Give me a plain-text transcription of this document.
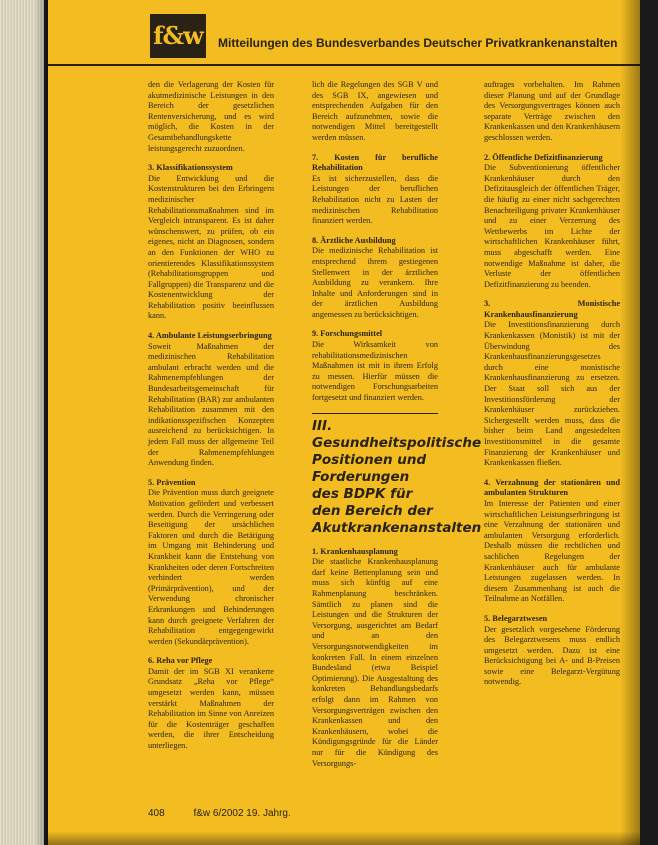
f&w Mitteilungen des Bundesverbandes Deutscher Privatkrankenanstalten

den die Verlagerung der Kosten für akutmedizinische Leistungen in den Bereich der gesetzlichen Rentenversicherung, und es wird möglich, die Kosten in der Gesamtbehandlungskette leistungsgerecht zuzuordnen.

3. Klassifikationssystem

Die Entwicklung und die Kostenstrukturen bei den Erbringern medizinischer Rehabilitationsmaßnahmen sind im Vergleich intransparent. Es ist daher wünschenswert, zu prüfen, ob ein eigenes, nicht an Diagnosen, sondern an den Funktionen der WHO zu orientierendes Klassifikationssystem (Rehabilitationsgruppen und Fallgruppen) die Transparenz und die Kostenentwicklung der Rehabilitation positiv beeinflussen kann.

4. Ambulante Leistungserbringung

Soweit Maßnahmen der medizinischen Rehabilitation ambulant erbracht werden und die Rahmenempfehlungen der Bundesarbeitsgemeinschaft für Rehabilitation (BAR) zur ambulanten Rehabilitation zusammen mit den indikationsspezifischen Konzepten ausreichend zu berücksichtigen. In jedem Fall muss der allgemeine Teil der Rahmenempfehlungen Anwendung finden.

5. Prävention

Die Prävention muss durch geeignete Motivation gefördert und verbessert werden. Durch die Verringerung oder Beseitigung der ursächlichen Faktoren und durch die Betätigung im Umgang mit Behinderung und Krankheit kann die Entstehung von Krankheiten oder deren Fortschreiten verhindert werden (Primärprävention), und der Verwendung chronischer Erkrankungen und Behinderungen kann durch geeignete Verfahren der Rehabilitation entgegengewirkt werden (Sekundärprävention).

6. Reha vor Pflege

Damit der im SGB XI verankerte Grundsatz „Reha vor Pflege“ umgesetzt werden kann, müssen verstärkt Maßnahmen der Rehabilitation im Sinne von Anreizen für die Kostenträger geschaffen werden, die ihrer Entscheidung unterliegen.

lich die Regelungen des SGB V und des SGB IX, angewiesen und entsprechenden Aufgaben für den Bereich aufzunehmen, sowie die notwendigen Mittel bereitgestellt werden müssen.

7. Kosten für berufliche Rehabilitation

Es ist sicherzustellen, dass die Leistungen der beruflichen Rehabilitation nicht zu Lasten der medizinischen Rehabilitation finanziert werden.

8. Ärztliche Ausbildung

Die medizinische Rehabilitation ist entsprechend ihrem gestiegenen Stellenwert in der ärztlichen Ausbildung zu verankern. Ihre Inhalte und Anforderungen sind in der ärztlichen Ausbildung angemessen zu berücksichtigen.

9. Forschungsmittel

Die Wirksamkeit von rehabilitationsmedizinischen Maßnahmen ist mit in ihrem Erfolg zu messen. Hierfür müssen die notwendigen Forschungsarbeiten fortgesetzt und finanziert werden.

III. Gesundheitspolitische Positionen und Forderungen des BDPK für den Bereich der Akutkrankenanstalten

1. Krankenhausplanung

Die staatliche Krankenhausplanung darf keine Bettenplanung sein und muss sich künftig auf eine Rahmenplanung beschränken. Sämtlich zu planen sind die Leistungen und die Strukturen der Versorgung, ausgerichtet am Bedarf und an den Versorgungsnotwendigkeiten im konkreten Fall. In einem einzelnen Bundesland (etwa Beispiel Optimierung). Die Ausgestaltung des konkreten Behandlungsbedarfs erfolgt dann im Rahmen von Versorgungsverträgen zwischen den Krankenkassen und den Krankenhäusern, wobei die Kündigungsgründe für die Länder nur für die Kündigung des Versorgungs-

auftrages vorbehalten. Im Rahmen dieser Planung und auf der Grundlage des Versorgungsvertrages können auch separate Verträge zwischen den Krankenkassen und den Krankenhäusern geschlossen werden.

2. Öffentliche Defizitfinanzierung

Die Subventionierung öffentlicher Krankenhäuser durch den Defizitausgleich der öffentlichen Träger, die häufig zu einer nicht sachgerechten Benachteiligung privater Krankenhäuser und zu einer Verzerrung des Wettbewerbs im Lichte der wirtschaftlichen Krankenhäuser führt, muss abgeschafft werden. Eine notwendige Maßnahme ist daher, die Verluste der öffentlichen Defizitfinanzierung zu beenden.

3. Monistische Krankenhausfinanzierung

Die Investitionsfinanzierung durch Krankenkassen (Monistik) ist mit der Überwindung des Krankenhausfinanzierungsgesetzes durch eine monistische Krankenhausfinanzierung zu ersetzen. Der Staat soll sich aus der Investitionsförderung der Krankenhäuser zurückziehen. Sichergestellt werden muss, dass die bisher beim Land angesiedelten Investitionsmittel in die gesamte Finanzierung der Krankenhäuser und Krankenkassen fließen.

4. Verzahnung der stationären und ambulanten Strukturen

Im Interesse der Patienten und einer wirtschaftlichen Leistungserbringung ist eine Verzahnung der stationären und ambulanten Versorgung erforderlich. Deshalb müssen die rechtlichen und sachlichen Regelungen der Krankenhäuser auch für ambulante Leistungen zugelassen werden. In diesem Zusammenhang ist auch die Teilnahme an Notfällen.

5. Belegarztwesen

Der gesetzlich vorgesehene Förderung des Belegarztwesens muss endlich umgesetzt werden. Dazu ist eine Berücksichtigung bei A- und B-Preisen sowie eine Belegarzt-Vergütung notwendig.

408	f&w 6/2002 19. Jahrg.
